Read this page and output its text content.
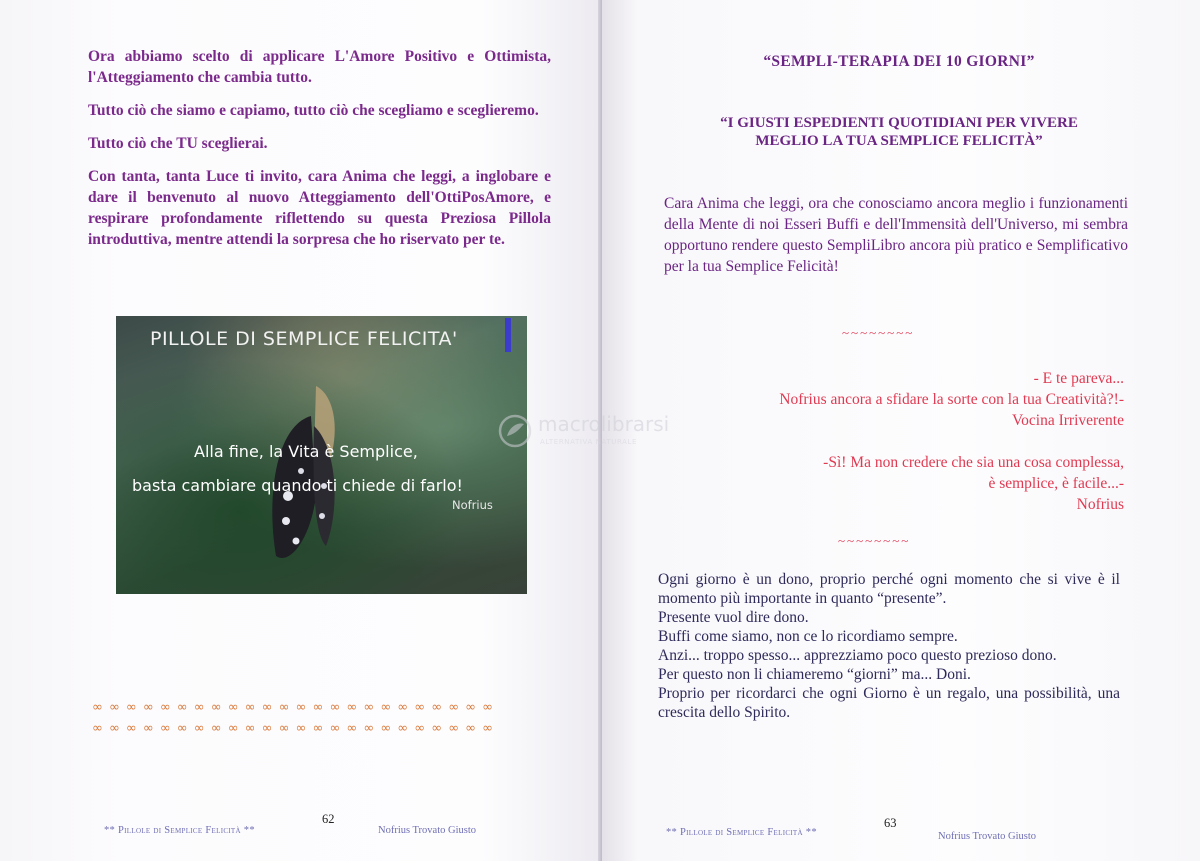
Ora abbiamo scelto di applicare L'Amore Positivo e Ottimista, l'Atteggiamento che cambia tutto.

Tutto ciò che siamo e capiamo, tutto ciò che scegliamo e sceglieremo.

Tutto ciò che TU sceglierai.

Con tanta, tanta Luce ti invito, cara Anima che leggi, a inglobare e dare il benvenuto al nuovo Atteggiamento dell'OttiPosAmore, e respirare profondamente riflettendo su questa Preziosa Pillola introduttiva, mentre attendi la sorpresa che ho riservato per te.

PILLOLE DI SEMPLICE FELICITA'
Alla fine, la Vita è Semplice,
basta cambiare quando ti chiede di farlo!
Nofrius
∞ ∞ ∞ ∞ ∞ ∞ ∞ ∞ ∞ ∞ ∞ ∞ ∞ ∞ ∞ ∞ ∞ ∞ ∞ ∞ ∞ ∞ ∞ ∞
∞ ∞ ∞ ∞ ∞ ∞ ∞ ∞ ∞ ∞ ∞ ∞ ∞ ∞ ∞ ∞ ∞ ∞ ∞ ∞ ∞ ∞ ∞ ∞
** Pillole di Semplice Felicità **
62
Nofrius Trovato Giusto
“SEMPLI-TERAPIA DEI 10 GIORNI”
“I GIUSTI ESPEDIENTI QUOTIDIANI PER VIVERE
MEGLIO LA TUA SEMPLICE FELICITÀ”
Cara Anima che leggi, ora che conosciamo ancora meglio i funzionamenti della Mente di noi Esseri Buffi e dell'Immensità dell'Universo, mi sembra opportuno rendere questo SempliLibro ancora più pratico e Semplificativo per la tua Semplice Felicità!
~~~~~~~~
- E te pareva...
Nofrius ancora a sfidare la sorte con la tua Creatività?!-
Vocina Irriverente
-Sì! Ma non credere che sia una cosa complessa,
è semplice, è facile...-
Nofrius
~~~~~~~~

Ogni giorno è un dono, proprio perché ogni momento che si vive è il momento più importante in quanto “presente”.

Presente vuol dire dono.

Buffi come siamo, non ce lo ricordiamo sempre.

Anzi... troppo spesso... apprezziamo poco questo prezioso dono.

Per questo non li chiameremo “giorni” ma... Doni.

Proprio per ricordarci che ogni Giorno è un regalo, una possibilità, una crescita dello Spirito.

** Pillole di Semplice Felicità **
63
Nofrius Trovato Giusto
macrolibrarsi
ALTERNATIVA NATURALE
